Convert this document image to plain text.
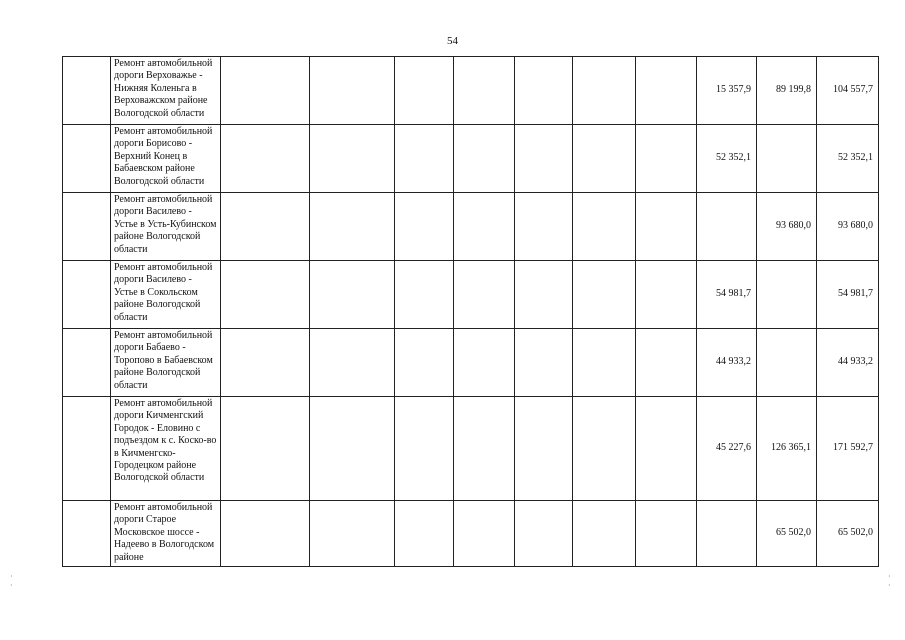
54
	Ремонт автомобильной дороги Верховажье - Нижняя Коленьга в Верховажском районе Вологодской области								15 357,9	89 199,8	104 557,7
	Ремонт автомобильной дороги Борисово - Верхний Конец в Бабаевском районе Вологодской области								52 352,1		52 352,1
	Ремонт автомобильной дороги Василево - Устье в Усть-Кубинском районе Вологодской области									93 680,0	93 680,0
	Ремонт автомобильной дороги Василево - Устье в Сокольском районе Вологодской области								54 981,7		54 981,7
	Ремонт автомобильной дороги Бабаево - Торопово в Бабаевском районе Вологодской области								44 933,2		44 933,2
	Ремонт автомобильной дороги Кичменгский Городок - Еловино с подъездом к с. Коско-во
в Кичменгско-Городецком районе Вологодской области								45 227,6	126 365,1	171 592,7
	Ремонт автомобильной дороги Старое Московское шоссе - Надеево в Вологодском районе									65 502,0	65 502,0
·
·
·
·
